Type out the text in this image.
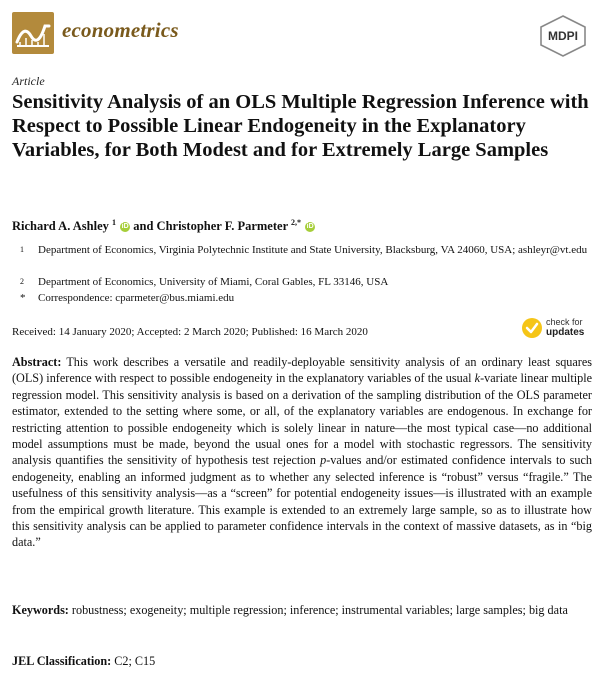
econometrics	MDPI
Article
Sensitivity Analysis of an OLS Multiple Regression Inference with Respect to Possible Linear Endogeneity in the Explanatory Variables, for Both Modest and for Extremely Large Samples
Richard A. Ashley $^1$ iD and Christopher F. Parmeter $^{2,*}$ iD
1 Department of Economics, Virginia Polytechnic Institute and State University, Blacksburg, VA 24060, USA; ashleyr@vt.edu
2 Department of Economics, University of Miami, Coral Gables, FL 33146, USA
* Correspondence: cparmeter@bus.miami.edu
Received: 14 January 2020; Accepted: 2 March 2020; Published: 16 March 2020
check for
updates

Abstract: This work describes a versatile and readily-deployable sensitivity analysis of an ordinary least squares (OLS) inference with respect to possible endogeneity in the explanatory variables of the usual k-variate linear multiple regression model. This sensitivity analysis is based on a derivation of the sampling distribution of the OLS parameter estimator, extended to the setting where some, or all, of the explanatory variables are endogenous. In exchange for restricting attention to possible endogeneity which is solely linear in nature—the most typical case—no additional model assumptions must be made, beyond the usual ones for a model with stochastic regressors. The sensitivity analysis quantifies the sensitivity of hypothesis test rejection p-values and/or estimated confidence intervals to such endogeneity, enabling an informed judgment as to whether any selected inference is “robust” versus “fragile.” The usefulness of this sensitivity analysis—as a “screen” for potential endogeneity issues—is illustrated with an example from the empirical growth literature. This example is extended to an extremely large sample, so as to illustrate how this sensitivity analysis can be applied to parameter confidence intervals in the context of massive datasets, as in “big data.”

Keywords: robustness; exogeneity; multiple regression; inference; instrumental variables; large samples; big data

JEL Classification: C2; C15
